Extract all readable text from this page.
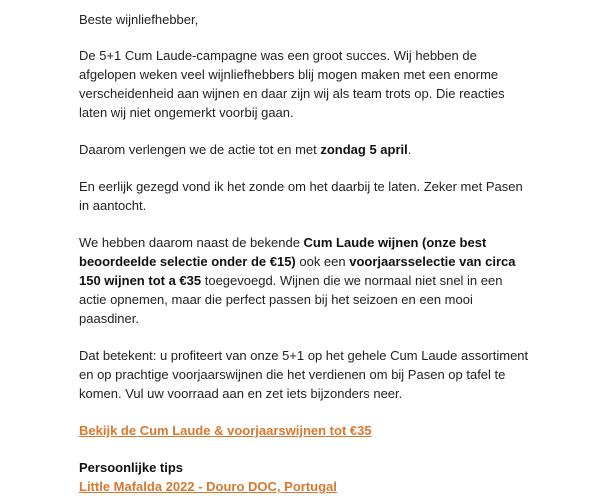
Beste wijnliefhebber,

De 5+1 Cum Laude-campagne was een groot succes. Wij hebben de afgelopen weken veel wijnliefhebbers blij mogen maken met een enorme verscheidenheid aan wijnen en daar zijn wij als team trots op. Die reacties laten wij niet ongemerkt voorbij gaan.

Daarom verlengen we de actie tot en met zondag 5 april.

En eerlijk gezegd vond ik het zonde om het daarbij te laten. Zeker met Pasen in aantocht.

We hebben daarom naast de bekende Cum Laude wijnen (onze best beoordeelde selectie onder de €15) ook een voorjaarsselectie van circa 150 wijnen tot a €35 toegevoegd. Wijnen die we normaal niet snel in een actie opnemen, maar die perfect passen bij het seizoen en een mooi paasdiner.

Dat betekent: u profiteert van onze 5+1 op het gehele Cum Laude assortiment en op prachtige voorjaarswijnen die het verdienen om bij Pasen op tafel te komen. Vul uw voorraad aan en zet iets bijzonders neer.

Bekijk de Cum Laude & voorjaarswijnen tot €35

Persoonlijke tips
Little Mafalda 2022 - Douro DOC, Portugal
